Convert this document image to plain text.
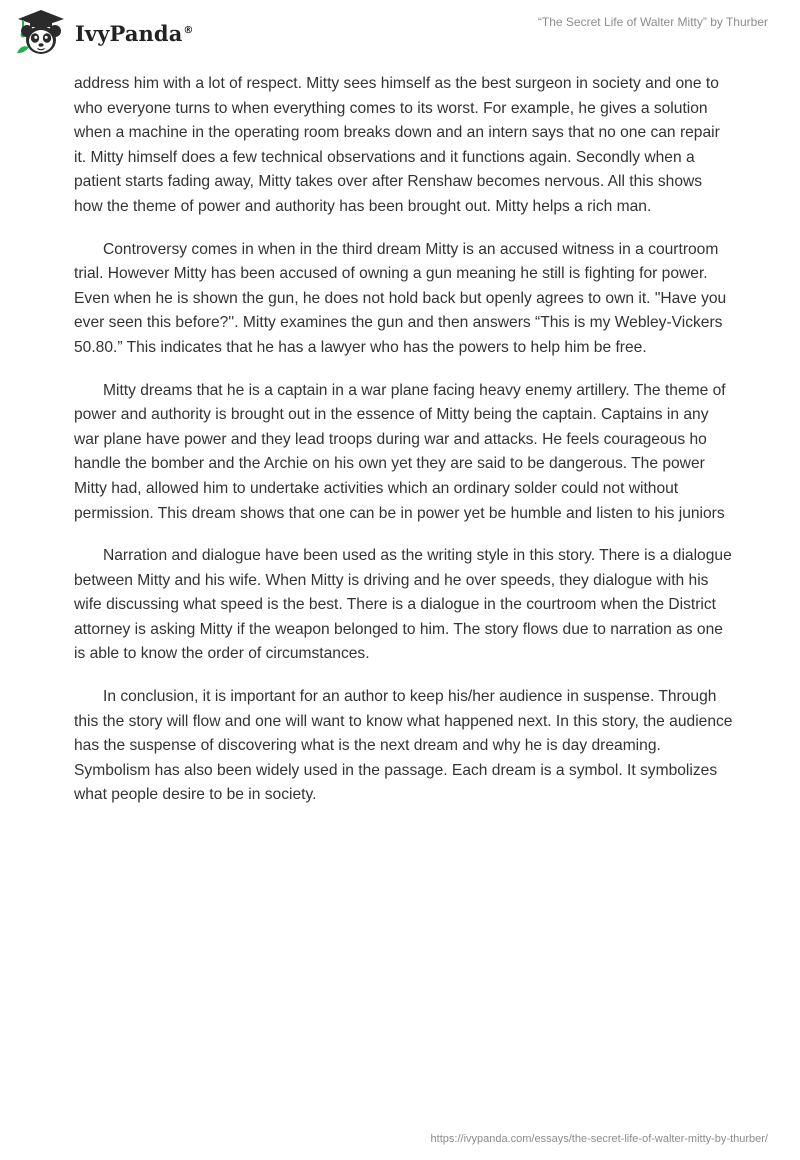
IvyPanda®
“The Secret Life of Walter Mitty” by Thurber

address him with a lot of respect. Mitty sees himself as the best surgeon in society and one to who everyone turns to when everything comes to its worst. For example, he gives a solution when a machine in the operating room breaks down and an intern says that no one can repair it. Mitty himself does a few technical observations and it functions again. Secondly when a patient starts fading away, Mitty takes over after Renshaw becomes nervous. All this shows how the theme of power and authority has been brought out. Mitty helps a rich man.

Controversy comes in when in the third dream Mitty is an accused witness in a courtroom trial. However Mitty has been accused of owning a gun meaning he still is fighting for power. Even when he is shown the gun, he does not hold back but openly agrees to own it. "Have you ever seen this before?''. Mitty examines the gun and then answers “This is my Webley-Vickers 50.80.” This indicates that he has a lawyer who has the powers to help him be free.

Mitty dreams that he is a captain in a war plane facing heavy enemy artillery. The theme of power and authority is brought out in the essence of Mitty being the captain. Captains in any war plane have power and they lead troops during war and attacks. He feels courageous ho handle the bomber and the Archie on his own yet they are said to be dangerous. The power Mitty had, allowed him to undertake activities which an ordinary solder could not without permission. This dream shows that one can be in power yet be humble and listen to his juniors

Narration and dialogue have been used as the writing style in this story. There is a dialogue between Mitty and his wife. When Mitty is driving and he over speeds, they dialogue with his wife discussing what speed is the best. There is a dialogue in the courtroom when the District attorney is asking Mitty if the weapon belonged to him. The story flows due to narration as one is able to know the order of circumstances.

In conclusion, it is important for an author to keep his/her audience in suspense. Through this the story will flow and one will want to know what happened next. In this story, the audience has the suspense of discovering what is the next dream and why he is day dreaming. Symbolism has also been widely used in the passage. Each dream is a symbol. It symbolizes what people desire to be in society.

https://ivypanda.com/essays/the-secret-life-of-walter-mitty-by-thurber/
